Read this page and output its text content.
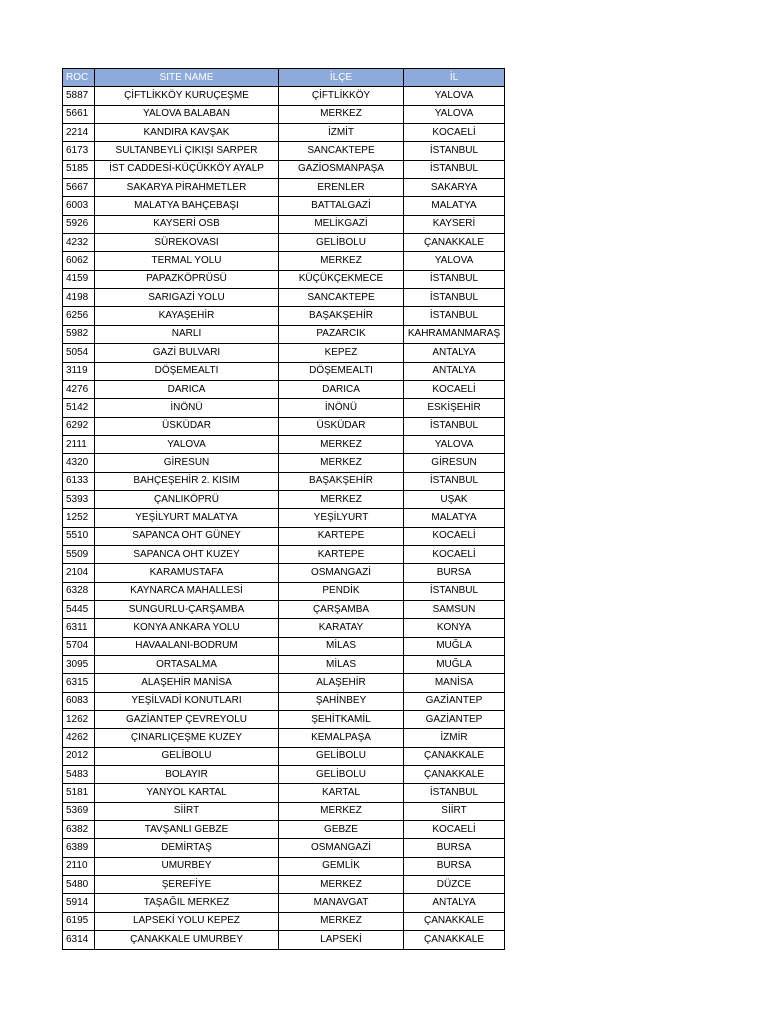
ROC	SITE NAME	İLÇE	İL
5887	ÇİFTLİKKÖY KURUÇEŞME	ÇİFTLİKKÖY	YALOVA
5661	YALOVA BALABAN	MERKEZ	YALOVA
2214	KANDIRA KAVŞAK	İZMİT	KOCAELİ
6173	SULTANBEYLİ ÇIKIŞI SARPER	SANCAKTEPE	İSTANBUL
5185	İST CADDESİ-KÜÇÜKKÖY AYALP	GAZİOSMANPAŞA	İSTANBUL
5667	SAKARYA PİRAHMETLER	ERENLER	SAKARYA
6003	MALATYA BAHÇEBAŞI	BATTALGAZİ	MALATYA
5926	KAYSERİ OSB	MELİKGAZİ	KAYSERİ
4232	SÜREKOVASI	GELİBOLU	ÇANAKKALE
6062	TERMAL YOLU	MERKEZ	YALOVA
4159	PAPAZKÖPRÜSÜ	KÜÇÜKÇEKMECE	İSTANBUL
4198	SARIGAZİ YOLU	SANCAKTEPE	İSTANBUL
6256	KAYAŞEHİR	BAŞAKŞEHİR	İSTANBUL
5982	NARLI	PAZARCIK	KAHRAMANMARAŞ
5054	GAZİ BULVARI	KEPEZ	ANTALYA
3119	DÖŞEMEALTI	DÖŞEMEALTI	ANTALYA
4276	DARICA	DARICA	KOCAELİ
5142	İNÖNÜ	İNÖNÜ	ESKİŞEHİR
6292	ÜSKÜDAR	ÜSKÜDAR	İSTANBUL
2111	YALOVA	MERKEZ	YALOVA
4320	GİRESUN	MERKEZ	GİRESUN
6133	BAHÇEŞEHİR 2. KISIM	BAŞAKŞEHİR	İSTANBUL
5393	ÇANLIKÖPRÜ	MERKEZ	UŞAK
1252	YEŞİLYURT MALATYA	YEŞİLYURT	MALATYA
5510	SAPANCA OHT GÜNEY	KARTEPE	KOCAELİ
5509	SAPANCA OHT KUZEY	KARTEPE	KOCAELİ
2104	KARAMUSTAFA	OSMANGAZİ	BURSA
6328	KAYNARCA MAHALLESİ	PENDİK	İSTANBUL
5445	SUNGURLU-ÇARŞAMBA	ÇARŞAMBA	SAMSUN
6311	KONYA ANKARA YOLU	KARATAY	KONYA
5704	HAVAALANI-BODRUM	MİLAS	MUĞLA
3095	ORTASALMA	MİLAS	MUĞLA
6315	ALAŞEHİR MANİSA	ALAŞEHİR	MANİSA
6083	YEŞİLVADİ KONUTLARI	ŞAHİNBEY	GAZİANTEP
1262	GAZİANTEP ÇEVREYOLU	ŞEHİTKAMİL	GAZİANTEP
4262	ÇINARLIÇEŞME KUZEY	KEMALPAŞA	İZMİR
2012	GELİBOLU	GELİBOLU	ÇANAKKALE
5483	BOLAYIR	GELİBOLU	ÇANAKKALE
5181	YANYOL KARTAL	KARTAL	İSTANBUL
5369	SİİRT	MERKEZ	SİİRT
6382	TAVŞANLI GEBZE	GEBZE	KOCAELİ
6389	DEMİRTAŞ	OSMANGAZİ	BURSA
2110	UMURBEY	GEMLİK	BURSA
5480	ŞEREFİYE	MERKEZ	DÜZCE
5914	TAŞAĞIL MERKEZ	MANAVGAT	ANTALYA
6195	LAPSEKİ YOLU KEPEZ	MERKEZ	ÇANAKKALE
6314	ÇANAKKALE UMURBEY	LAPSEKİ	ÇANAKKALE
